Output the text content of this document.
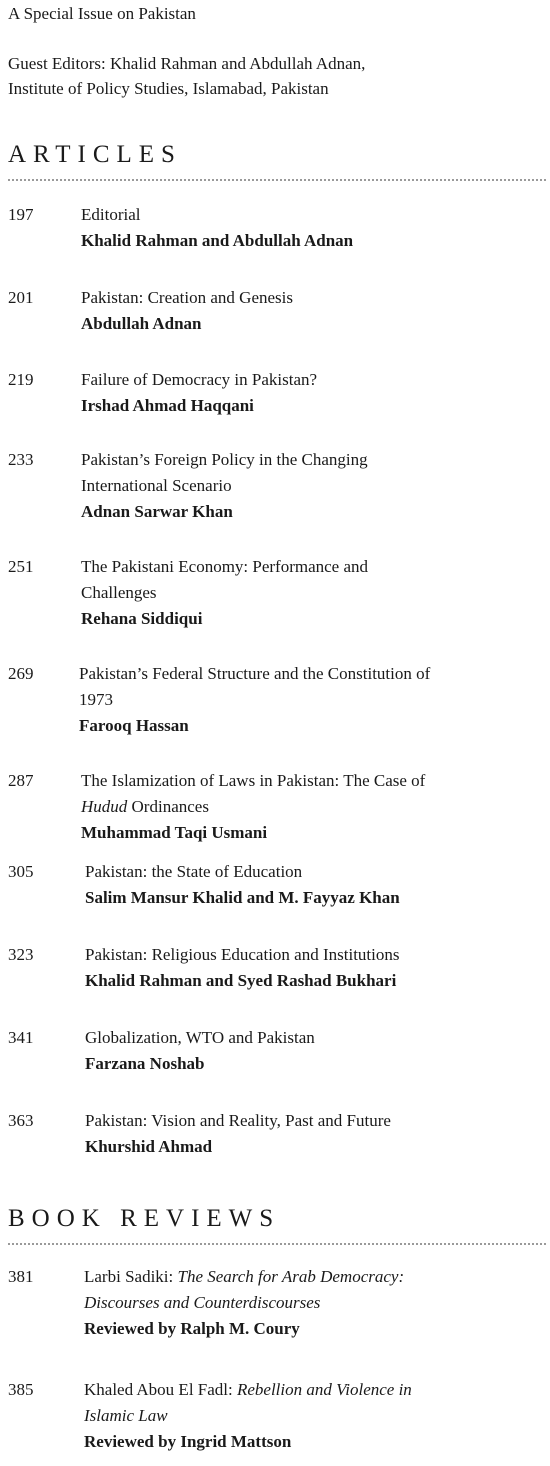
A Special Issue on Pakistan
Guest Editors: Khalid Rahman and Abdullah Adnan,
Institute of Policy Studies, Islamabad, Pakistan
ARTICLES
197	Editorial
Khalid Rahman and Abdullah Adnan
201	Pakistan: Creation and Genesis
Abdullah Adnan
219	Failure of Democracy in Pakistan?
Irshad Ahmad Haqqani
233	Pakistan’s Foreign Policy in the Changing
International Scenario
Adnan Sarwar Khan
251	The Pakistani Economy: Performance and
Challenges
Rehana Siddiqui
269	Pakistan’s Federal Structure and the Constitution of
1973
Farooq Hassan
287	The Islamization of Laws in Pakistan: The Case of
Hudud Ordinances
Muhammad Taqi Usmani
305	Pakistan: the State of Education
Salim Mansur Khalid and M. Fayyaz Khan
323	Pakistan: Religious Education and Institutions
Khalid Rahman and Syed Rashad Bukhari
341	Globalization, WTO and Pakistan
Farzana Noshab
363	Pakistan: Vision and Reality, Past and Future
Khurshid Ahmad
BOOK REVIEWS
381	Larbi Sadiki: The Search for Arab Democracy:
Discourses and Counterdiscourses
Reviewed by Ralph M. Coury
385	Khaled Abou El Fadl: Rebellion and Violence in
Islamic Law
Reviewed by Ingrid Mattson
